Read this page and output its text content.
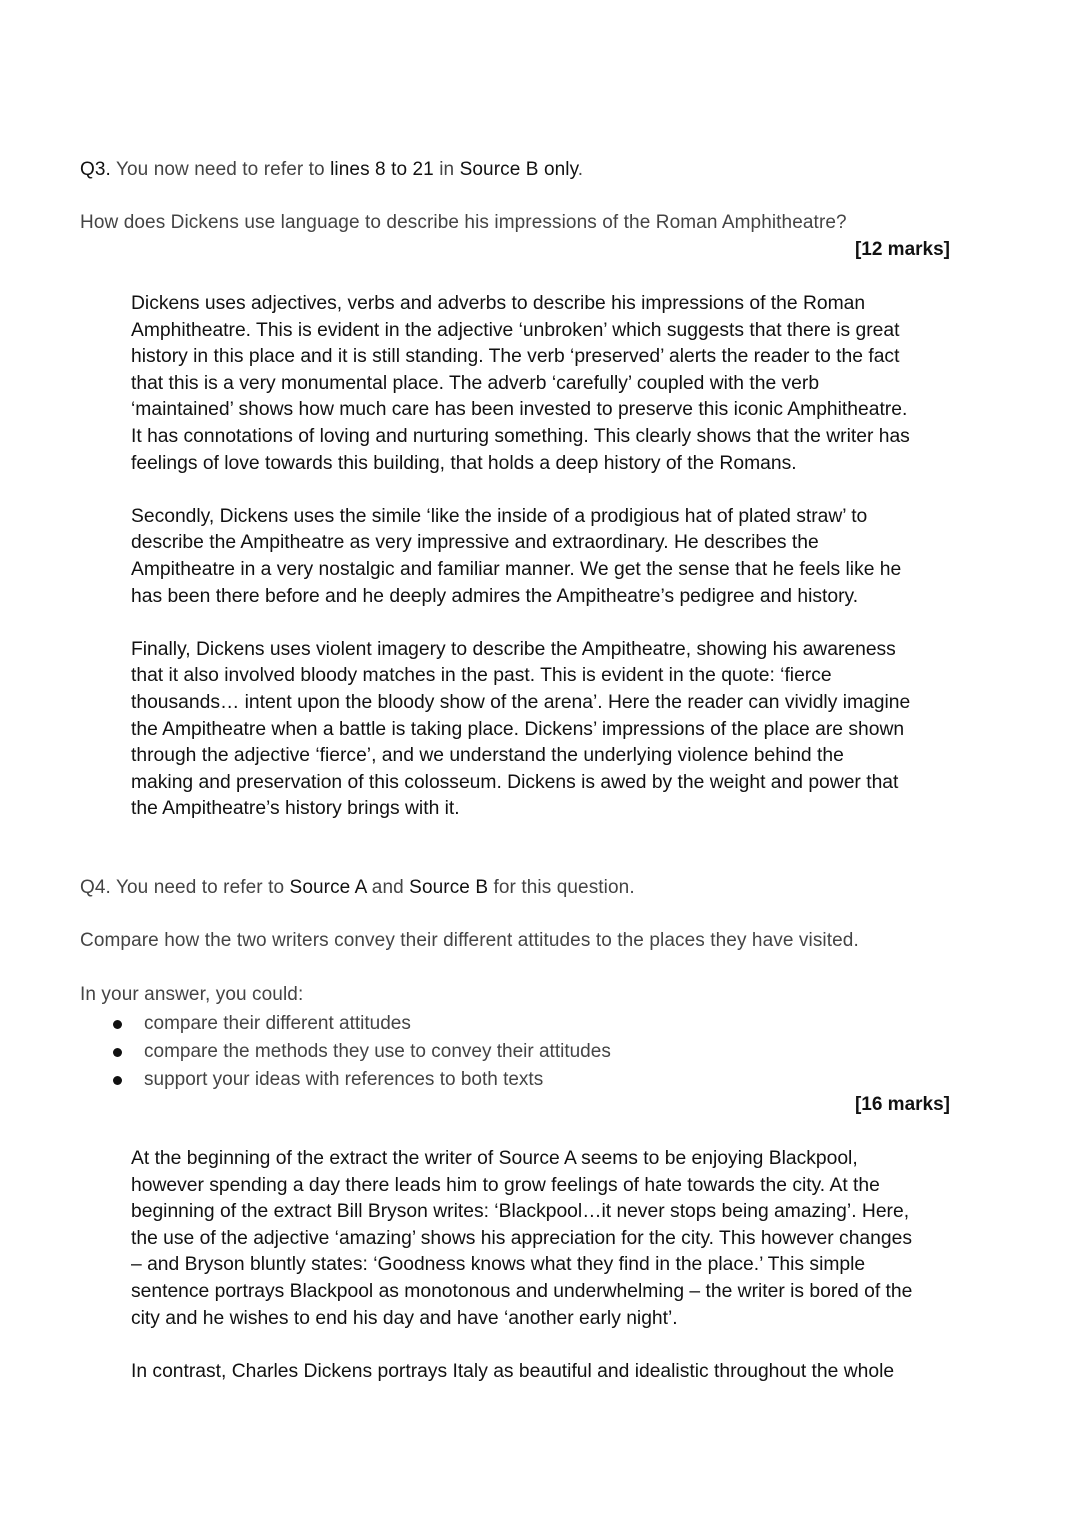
Q3. You now need to refer to lines 8 to 21 in Source B only.
How does Dickens use language to describe his impressions of the Roman Amphitheatre?
[12 marks]

Dickens uses adjectives, verbs and adverbs to describe his impressions of the Roman

Amphitheatre. This is evident in the adjective ‘unbroken’ which suggests that there is great

history in this place and it is still standing. The verb ‘preserved’ alerts the reader to the fact

that this is a very monumental place. The adverb ‘carefully’ coupled with the verb

‘maintained’ shows how much care has been invested to preserve this iconic Amphitheatre.

It has connotations of loving and nurturing something. This clearly shows that the writer has

feelings of love towards this building, that holds a deep history of the Romans.

Secondly, Dickens uses the simile ‘like the inside of a prodigious hat of plated straw’ to

describe the Ampitheatre as very impressive and extraordinary. He describes the

Ampitheatre in a very nostalgic and familiar manner. We get the sense that he feels like he

has been there before and he deeply admires the Ampitheatre’s pedigree and history.

Finally, Dickens uses violent imagery to describe the Ampitheatre, showing his awareness

that it also involved bloody matches in the past. This is evident in the quote: ‘fierce

thousands… intent upon the bloody show of the arena’. Here the reader can vividly imagine

the Ampitheatre when a battle is taking place. Dickens’ impressions of the place are shown

through the adjective ‘fierce’, and we understand the underlying violence behind the

making and preservation of this colosseum. Dickens is awed by the weight and power that

the Ampitheatre’s history brings with it.

Q4. You need to refer to Source A and Source B for this question.
Compare how the two writers convey their different attitudes to the places they have visited.
In your answer, you could:
compare their different attitudes
compare the methods they use to convey their attitudes
support your ideas with references to both texts
[16 marks]

At the beginning of the extract the writer of Source A seems to be enjoying Blackpool,

however spending a day there leads him to grow feelings of hate towards the city. At the

beginning of the extract Bill Bryson writes: ‘Blackpool…it never stops being amazing’. Here,

the use of the adjective ‘amazing’ shows his appreciation for the city. This however changes

– and Bryson bluntly states: ‘Goodness knows what they find in the place.’ This simple

sentence portrays Blackpool as monotonous and underwhelming – the writer is bored of the

city and he wishes to end his day and have ‘another early night’.

In contrast, Charles Dickens portrays Italy as beautiful and idealistic throughout the whole
